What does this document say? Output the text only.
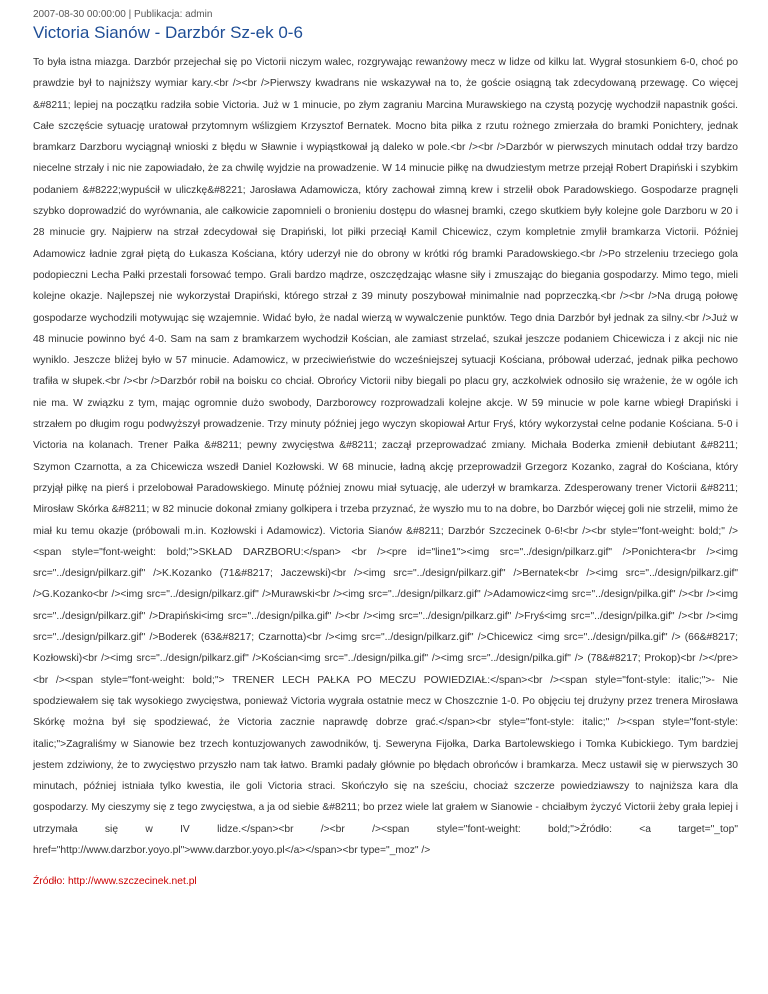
2007-08-30 00:00:00 | Publikacja: admin
Victoria Sianów - Darzbór Sz-ek 0-6

To była istna miazga. Darzbór przejechał się po Victorii niczym walec, rozgrywając rewanżowy mecz w lidze od kilku lat. Wygrał stosunkiem 6-0, choć po prawdzie był to najniższy wymiar kary.<br /><br />Pierwszy kwadrans nie wskazywał na to, że goście osiągną tak zdecydowaną przewagę. Co więcej &#8211; lepiej na początku radziła sobie Victoria. Już w 1 minucie, po złym zagraniu Marcina Murawskiego na czystą pozycję wychodził napastnik gości. Całe szczęście sytuację uratował przytomnym wślizgiem Krzysztof Bernatek. Mocno bita piłka z rzutu rożnego zmierzała do bramki Ponichtery, jednak bramkarz Darzboru wyciągnął wnioski z błędu w Sławnie i wypiąstkował ją daleko w pole.<br /><br />Darzbór w pierwszych minutach oddał trzy bardzo niecelne strzały i nic nie zapowiadało, że za chwilę wyjdzie na prowadzenie. W 14 minucie piłkę na dwudziestym metrze przejął Robert Drapiński i szybkim podaniem &#8222;wypuścił w uliczkę&#8221; Jarosława Adamowicza, który zachował zimną krew i strzelił obok Paradowskiego. Gospodarze pragnęli szybko doprowadzić do wyrównania, ale całkowicie zapomnieli o bronieniu dostępu do własnej bramki, czego skutkiem były kolejne gole Darzboru w 20 i 28 minucie gry. Najpierw na strzał zdecydował się Drapiński, lot piłki przeciął Kamil Chicewicz, czym kompletnie zmylił bramkarza Victorii. Później Adamowicz ładnie zgrał piętą do Łukasza Kościana, który uderzył nie do obrony w krótki róg bramki Paradowskiego.<br />Po strzeleniu trzeciego gola podopieczni Lecha Pałki przestali forsować tempo. Grali bardzo mądrze, oszczędzając własne siły i zmuszając do biegania gospodarzy. Mimo tego, mieli kolejne okazje. Najlepszej nie wykorzystał Drapiński, którego strzał z 39 minuty poszybował minimalnie nad poprzeczką.<br /><br />Na drugą połowę gospodarze wychodzili motywując się wzajemnie. Widać było, że nadal wierzą w wywalczenie punktów. Tego dnia Darzbór był jednak za silny.<br />Już w 48 minucie powinno być 4-0. Sam na sam z bramkarzem wychodził Kościan, ale zamiast strzelać, szukał jeszcze podaniem Chicewicza i z akcji nic nie wyniklo. Jeszcze bliżej było w 57 minucie. Adamowicz, w przeciwieństwie do wcześniejszej sytuacji Kościana, próbował uderzać, jednak piłka pechowo trafiła w słupek.<br /><br />Darzbór robił na boisku co chciał. Obrońcy Victorii niby biegali po placu gry, aczkolwiek odnosiło się wrażenie, że w ogóle ich nie ma. W związku z tym, mając ogromnie dużo swobody, Darzborowcy rozprowadzali kolejne akcje. W 59 minucie w pole karne wbiegł Drapiński i strzałem po długim rogu podwyższył prowadzenie. Trzy minuty później jego wyczyn skopiował Artur Fryś, który wykorzystał celne podanie Kościana. 5-0 i Victoria na kolanach. Trener Pałka &#8211; pewny zwycięstwa &#8211; zaczął przeprowadzać zmiany. Michała Boderka zmienił debiutant &#8211; Szymon Czarnotta, a za Chicewicza wszedł Daniel Kozłowski. W 68 minucie, ładną akcję przeprowadził Grzegorz Kozanko, zagrał do Kościana, który przyjął piłkę na pierś i przelobował Paradowskiego. Minutę później znowu miał sytuację, ale uderzył w bramkarza. Zdesperowany trener Victorii &#8211; Mirosław Skórka &#8211; w 82 minucie dokonał zmiany golkipera i trzeba przyznać, że wyszło mu to na dobre, bo Darzbór więcej goli nie strzelił, mimo że miał ku temu okazje (próbowali m.in. Kozłowski i Adamowicz). Victoria Sianów &#8211; Darzbór Szczecinek 0-6!<br /><br style="font-weight: bold;" /><span style="font-weight: bold;">SKŁAD DARZBORU:</span> <br /><pre id="line1"><img src="../design/pilkarz.gif" />Ponichtera<br /><img src="../design/pilkarz.gif" />K.Kozanko (71&#8217; Jaczewski)<br /><img src="../design/pilkarz.gif" />Bernatek<br /><img src="../design/pilkarz.gif" />G.Kozanko<br /><img src="../design/pilkarz.gif" />Murawski<br /><img src="../design/pilkarz.gif" />Adamowicz<img src="../design/pilka.gif" /><br /><img src="../design/pilkarz.gif" />Drapiński<img src="../design/pilka.gif" /><br /><img src="../design/pilkarz.gif" />Fryś<img src="../design/pilka.gif" /><br /><img src="../design/pilkarz.gif" />Boderek (63&#8217; Czarnotta)<br /><img src="../design/pilkarz.gif" />Chicewicz <img src="../design/pilka.gif" /> (66&#8217; Kozłowski)<br /><img src="../design/pilkarz.gif" />Kościan<img src="../design/pilka.gif" /><img src="../design/pilka.gif" /> (78&#8217; Prokop)<br /></pre><br /><span style="font-weight: bold;"> TRENER LECH PAŁKA PO MECZU POWIEDZIAŁ:</span><br /><span style="font-style: italic;">- Nie spodziewałem się tak wysokiego zwycięstwa, ponieważ Victoria wygrała ostatnie mecz w Choszcznie 1-0. Po objęciu tej drużyny przez trenera Mirosława Skórkę można był się spodziewać, że Victoria zacznie naprawdę dobrze grać.</span><br style="font-style: italic;" /><span style="font-style: italic;">Zagraliśmy w Sianowie bez trzech kontuzjowanych zawodników, tj. Seweryna Fijołka, Darka Bartolewskiego i Tomka Kubickiego. Tym bardziej jestem zdziwiony, że to zwycięstwo przyszło nam tak łatwo. Bramki padały głównie po błędach obrońców i bramkarza. Mecz ustawił się w pierwszych 30 minutach, później istniała tylko kwestia, ile goli Victoria straci. Skończyło się na sześciu, chociaż szczerze powiedziawszy to najniższa kara dla gospodarzy. My cieszymy się z tego zwycięstwa, a ja od siebie &#8211; bo przez wiele lat grałem w Sianowie - chciałbym życzyć Victorii żeby grała lepiej i utrzymała się w IV lidze.</span><br /><br /><span style="font-weight: bold;">Źródło: <a target="_top" href="http://www.darzbor.yoyo.pl">www.darzbor.yoyo.pl</a></span><br type="_moz" />

Źródło: http://www.szczecinek.net.pl
